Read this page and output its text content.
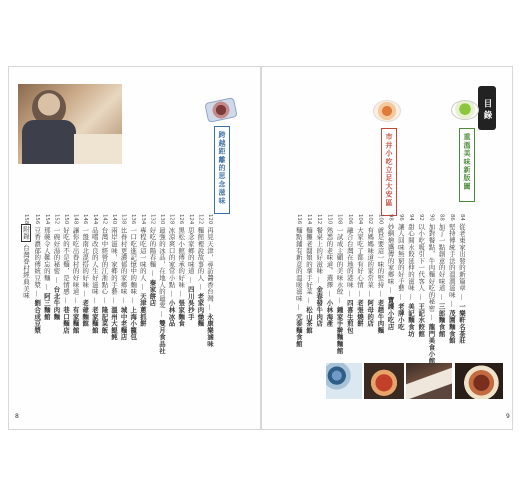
8	9
目錄
重溫美味新版圖
市井小吃立足大安區
跨越距離的思念滋味
84 從老東家出發的新篇章 — 一樂軒名茶莊
86 堅持傳統手法的溫潤滋味 — 茂園麵食館
88 加了一點創意的好味道 — 三郎麵食館
90 加對餐點，牛肉麵好吃的秘密 — 龍門美食小館
92 以小吃吸引下一代客人 — 王記水餃館
94 甜心開水餃延伸的滋味 — 美記麵食坊
96 讓人回味無窮的好手藝 — 老牌小吃
98 妙網燴醬傳的家鄉味 — 寶護小吃店
100 就是要這一味的堅持 — 老趙牛肉麵
102 有媽媽味道的家常菜 — 阿母的店
104 大家吃了都有好心情 — 老張燒餅
106 融合台灣在地的港味 — 四喜生煎包
108 一試成主顧的美味水餃 — 鍾家手擀麵麵館
110 熟悉的老味道，選擇 — 小林海產
112 餐桌上的好滋味 — 金春發牛肉店
114 麵攤老闆娘的拿手好菜 — 松山茶館
116 麵點鋪有新意的溫暖滋味 — 元泰麵食館
120 再見天津，尋訪醬香台灣 — 永康樂滷味
122 麵館裡說故事的人 — 老家肉燥麵
124 思念家鄉的味道 — 四川吳抄手
126 黑松小館傳承的好味 — 張家麵食
128 冰涼爽口的家常小點 — 小林冰品
130 最強的冰品，在地人的最愛 — 雙月食品社
132 好吃的陽春麵 — 秦家餅店
134 專程吃這一味的人 — 天津蔥抓餅
136 一口吃進記憶中的麵味 — 上海小籠包
138 比眷村更濃郁的家鄉味 — 城中老麵店
140 兩岸滋味，家鄉的手藝 — 溫州大餛飩
142 台灣中經營的江浙點心 — 隆記菜飯
144 品嚐改良的人生好滋味 — 老家麵館
146 一盤南北混搭的好味 — 老爺麵館
148 讓你吃出眷村的好味道 — 有家麵館
150 好吃的不是麵，是情感 — 巷口麵店
152 一碗好湯的秘密 — 台北牛肉麵
154 那碗令人難忘的麵 — 阿三麵館
156 豆香濃郁的傳統豆漿 — 劉合成豆漿
158附錄 台灣眷村經典美味
